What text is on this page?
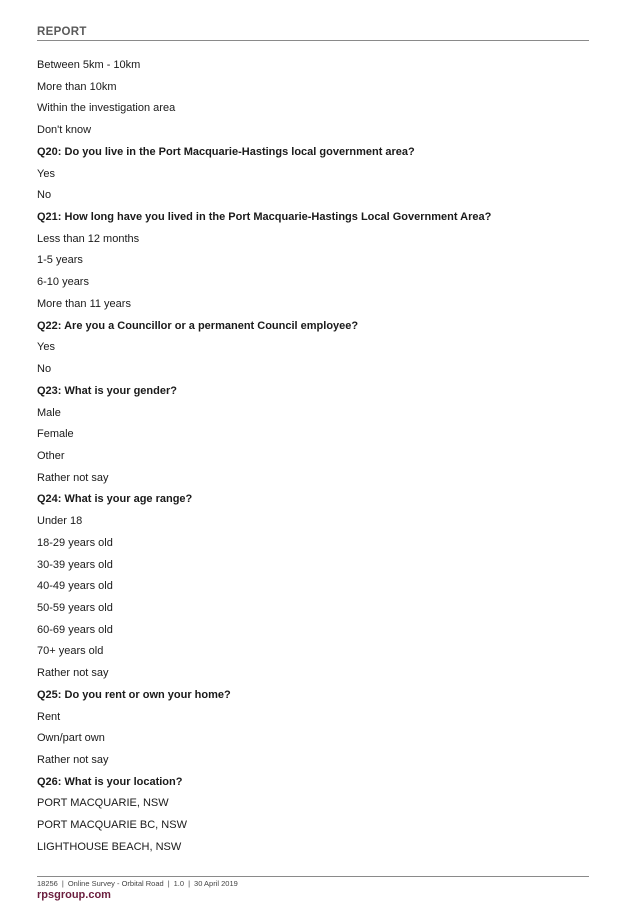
REPORT
Between 5km - 10km
More than 10km
Within the investigation area
Don't know
Q20: Do you live in the Port Macquarie-Hastings local government area?
Yes
No
Q21: How long have you lived in the Port Macquarie-Hastings Local Government Area?
Less than 12 months
1-5 years
6-10 years
More than 11 years
Q22: Are you a Councillor or a permanent Council employee?
Yes
No
Q23: What is your gender?
Male
Female
Other
Rather not say
Q24: What is your age range?
Under 18
18-29 years old
30-39 years old
40-49 years old
50-59 years old
60-69 years old
70+ years old
Rather not say
Q25: Do you rent or own your home?
Rent
Own/part own
Rather not say
Q26: What is your location?
PORT MACQUARIE, NSW
PORT MACQUARIE BC, NSW
LIGHTHOUSE BEACH, NSW
18256 | Online Survey - Orbital Road | 1.0 | 30 April 2019
rpsgroup.com
